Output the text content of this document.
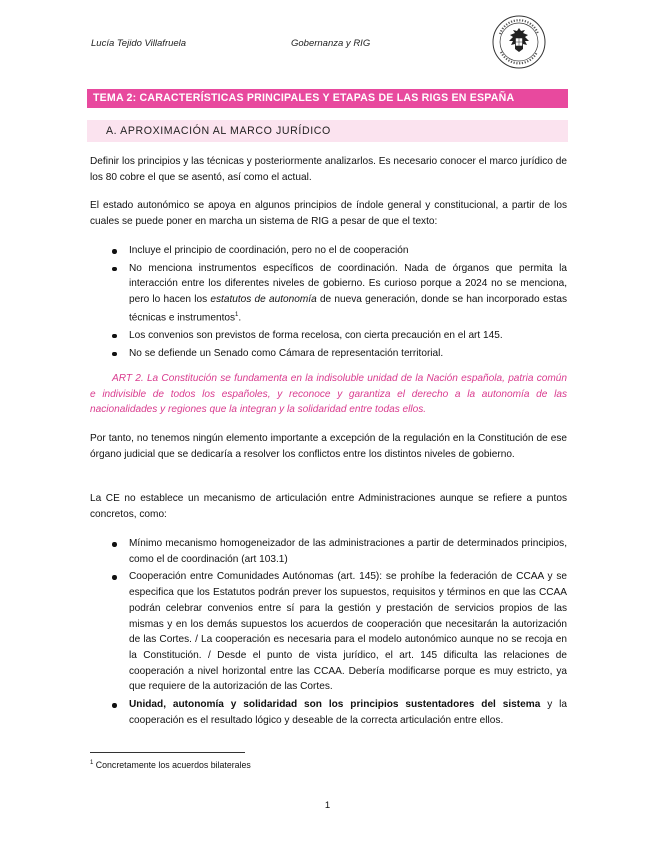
Lucía Tejido Villafruela	Gobernanza y RIG
TEMA 2: CARACTERÍSTICAS PRINCIPALES Y ETAPAS DE LAS RIGS EN ESPAÑA
A. APROXIMACIÓN AL MARCO JURÍDICO

Definir los principios y las técnicas y posteriormente analizarlos. Es necesario conocer el marco jurídico de los 80 cobre el que se asentó, así como el actual.

El estado autonómico se apoya en algunos principios de índole general y constitucional, a partir de los cuales se puede poner en marcha un sistema de RIG a pesar de que el texto:

Incluye el principio de coordinación, pero no el de cooperación
No menciona instrumentos específicos de coordinación. Nada de órganos que permita la interacción entre los diferentes niveles de gobierno. Es curioso porque a 2024 no se menciona, pero lo hacen los estatutos de autonomía de nueva generación, donde se han incorporado estas técnicas e instrumentos$^1$.
Los convenios son previstos de forma recelosa, con cierta precaución en el art 145.
No se defiende un Senado como Cámara de representación territorial.

ART 2. La Constitución se fundamenta en la indisoluble unidad de la Nación española, patria común e indivisible de todos los españoles, y reconoce y garantiza el derecho a la autonomía de las nacionalidades y regiones que la integran y la solidaridad entre todas ellos.

Por tanto, no tenemos ningún elemento importante a excepción de la regulación en la Constitución de ese órgano judicial que se dedicaría a resolver los conflictos entre los distintos niveles de gobierno.

La CE no establece un mecanismo de articulación entre Administraciones aunque se refiere a puntos concretos, como:

Mínimo mecanismo homogeneizador de las administraciones a partir de determinados principios, como el de coordinación (art 103.1)
Cooperación entre Comunidades Autónomas (art. 145): se prohíbe la federación de CCAA y se especifica que los Estatutos podrán prever los supuestos, requisitos y términos en que las CCAA podrán celebrar convenios entre sí para la gestión y prestación de servicios propios de las mismas y en los demás supuestos los acuerdos de cooperación que necesitarán la autorización de las Cortes. / La cooperación es necesaria para el modelo autonómico aunque no se recoja en la Constitución. / Desde el punto de vista jurídico, el art. 145 dificulta las relaciones de cooperación a nivel horizontal entre las CCAA. Debería modificarse porque es muy estricto, ya que requiere de la autorización de las Cortes.
Unidad, autonomía y solidaridad son los principios sustentadores del sistema y la cooperación es el resultado lógico y deseable de la correcta articulación entre ellos.
$^1$ Concretamente los acuerdos bilaterales
1
